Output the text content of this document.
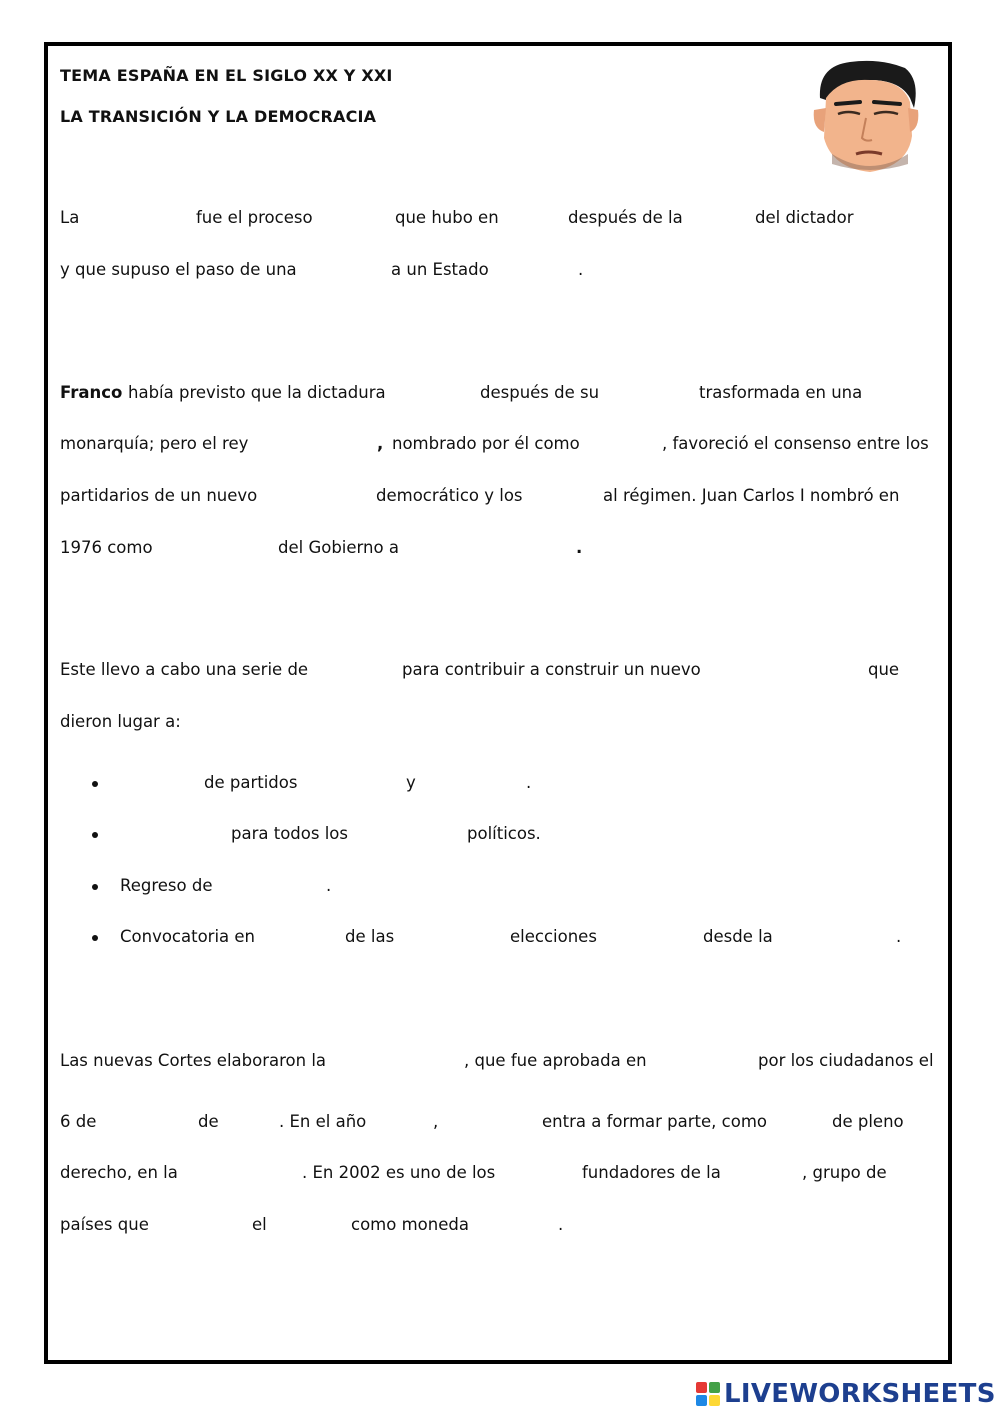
TEMA ESPAÑA EN EL SIGLO XX Y XXI
LA TRANSICIÓN Y LA DEMOCRACIA
La	fue el proceso	que hubo en	después de la	del dictador
y que supuso el paso de una	a un Estado	.
Franco había previsto que la dictadura	después de su	trasformada en una
monarquía; pero el rey	, nombrado por él como	, favoreció el consenso entre los
partidarios de un nuevo	democrático y los	al régimen. Juan Carlos I nombró en
1976 como	del Gobierno a	.
Este llevo a cabo una serie de	para contribuir a construir un nuevo	que
dieron lugar a:
de partidos	y	.
para todos los	políticos.
Regreso de	.
Convocatoria en	de las	elecciones	desde la	.
Las nuevas Cortes elaboraron la	, que fue aprobada en	por los ciudadanos el
6 de	de	. En el año	,	entra a formar parte, como	de pleno
derecho, en la	. En 2002 es uno de los	fundadores de la	, grupo de
países que	el	como moneda	.
LIVEWORKSHEETS
